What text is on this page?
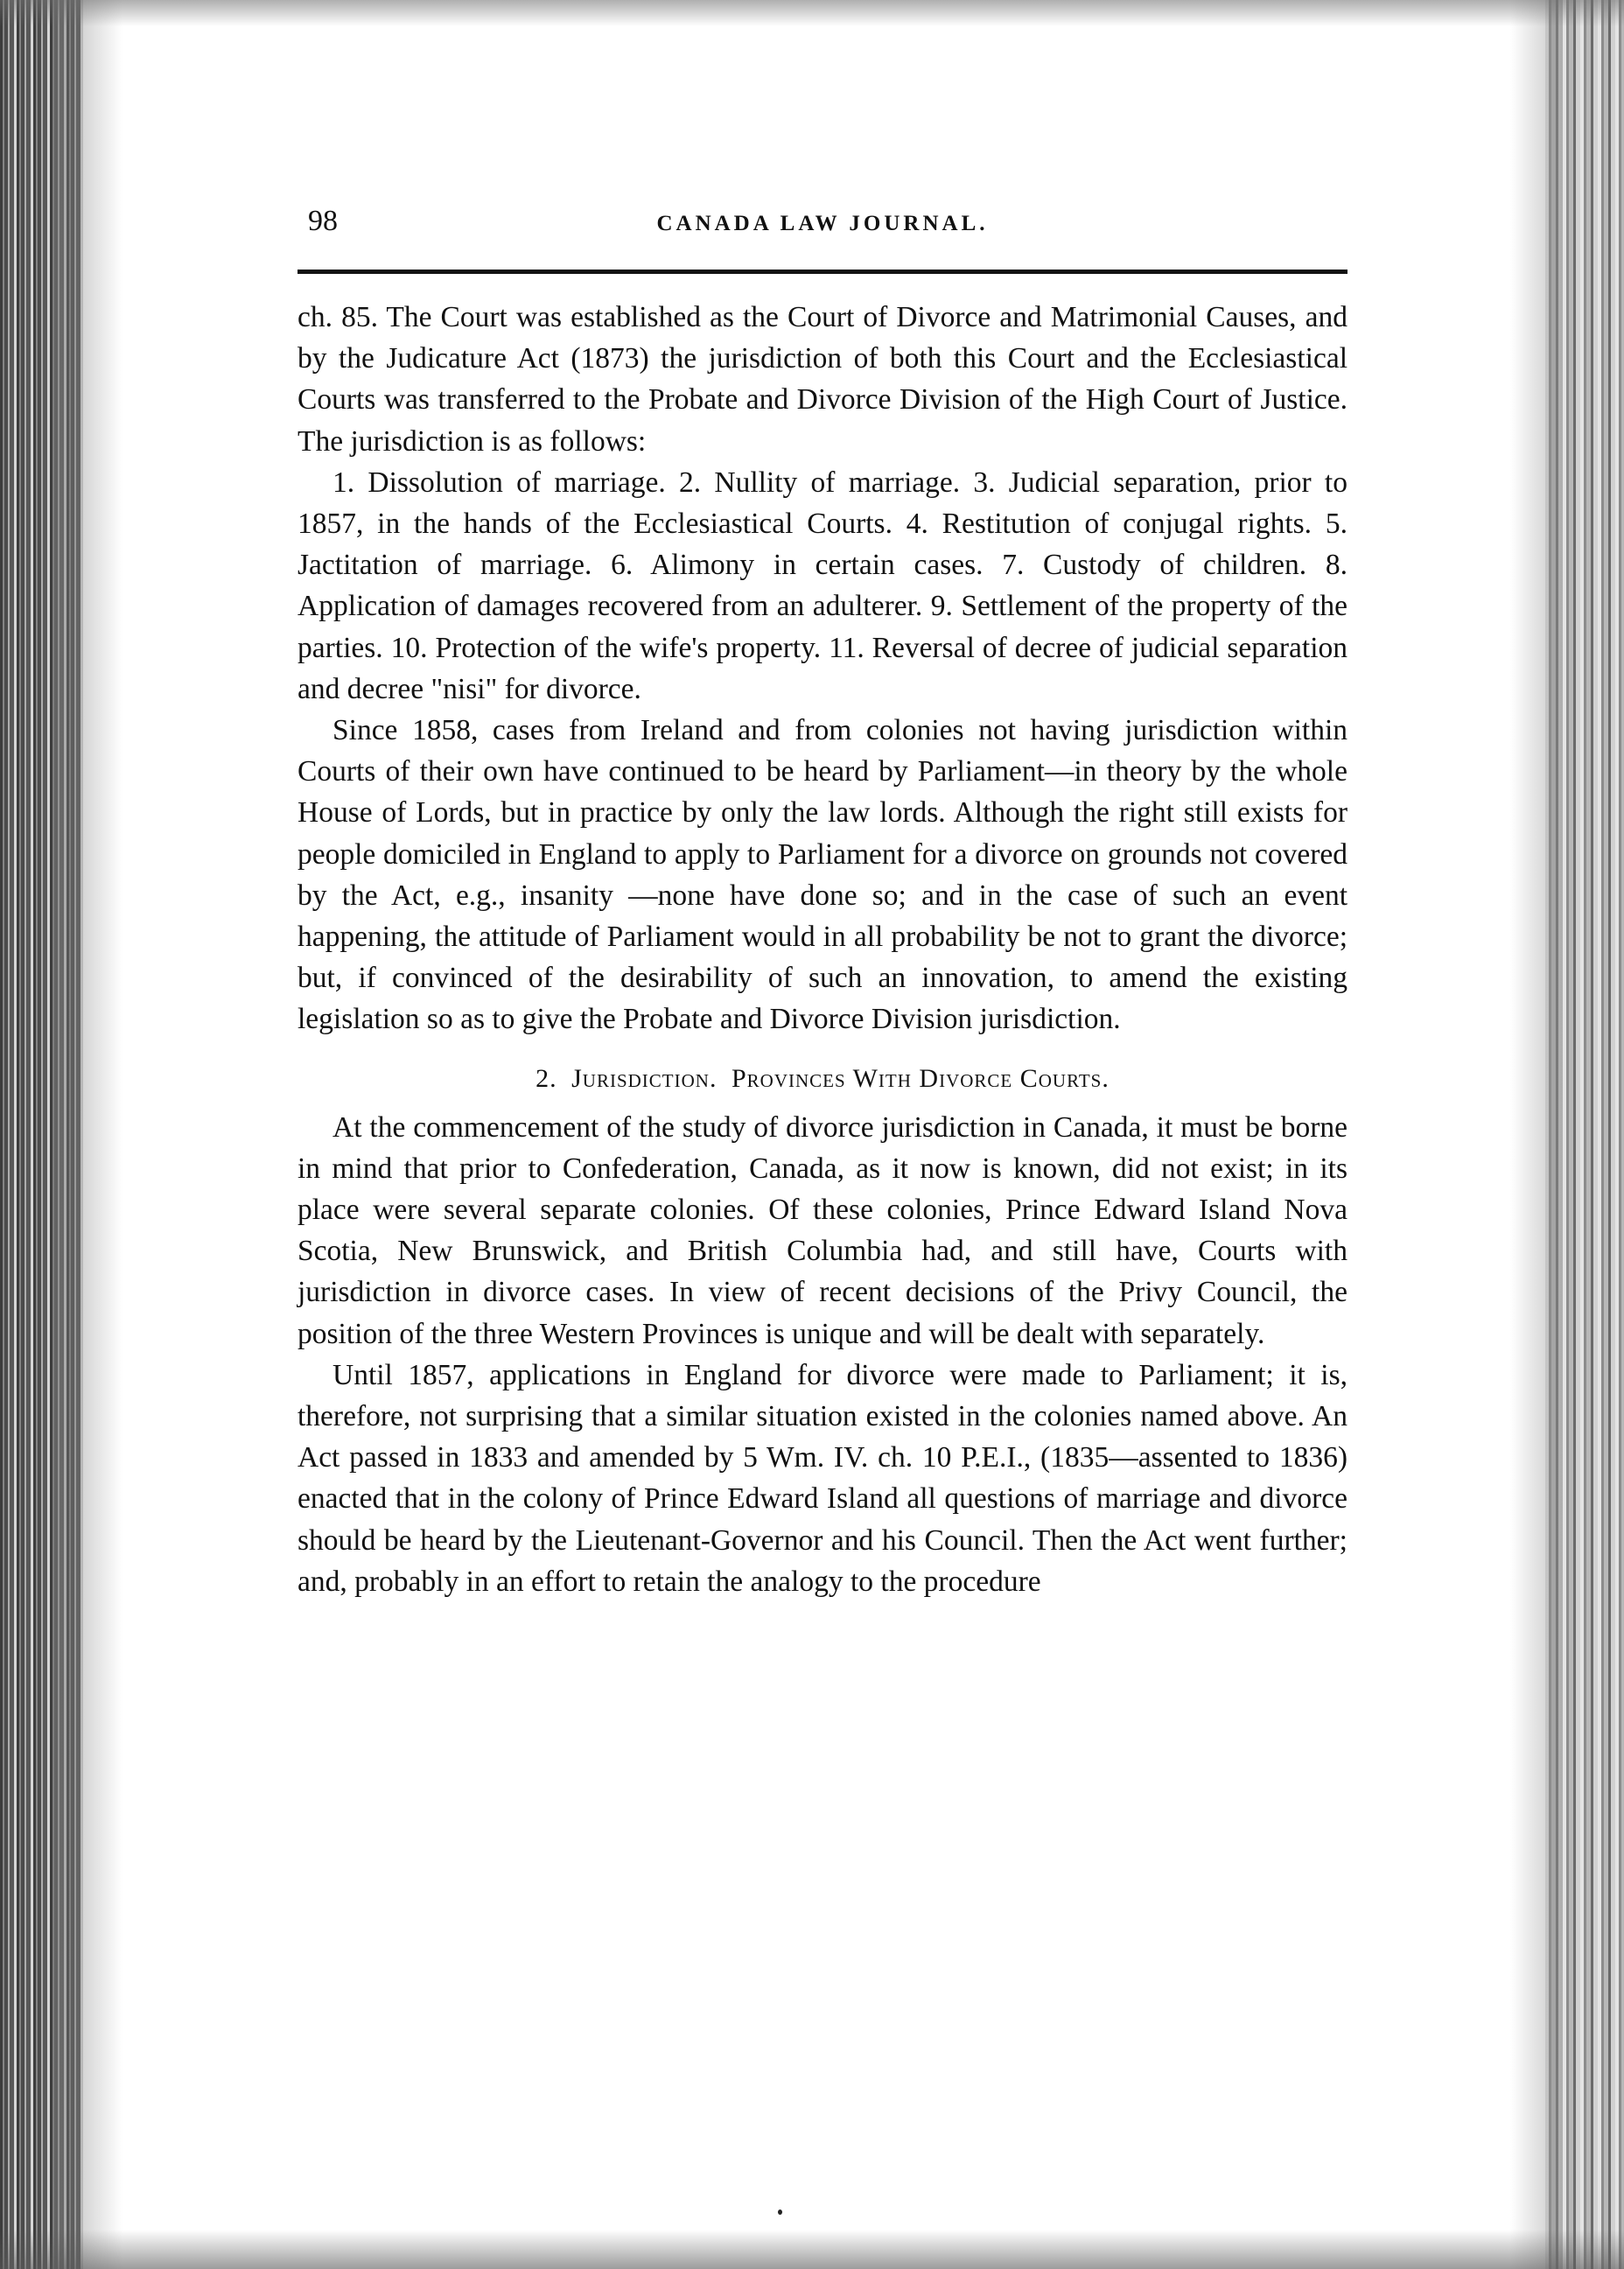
98	CANADA LAW JOURNAL.

ch. 85. The Court was established as the Court of Divorce and Matrimonial Causes, and by the Judicature Act (1873) the jurisdiction of both this Court and the Ecclesiastical Courts was transferred to the Probate and Divorce Division of the High Court of Justice. The jurisdiction is as follows:

1. Dissolution of marriage. 2. Nullity of marriage. 3. Judicial separation, prior to 1857, in the hands of the Ecclesiastical Courts. 4. Restitution of conjugal rights. 5. Jactitation of marriage. 6. Alimony in certain cases. 7. Custody of children. 8. Application of damages recovered from an adulterer. 9. Settlement of the property of the parties. 10. Protection of the wife's property. 11. Reversal of decree of judicial separation and decree "nisi" for divorce.

Since 1858, cases from Ireland and from colonies not having jurisdiction within Courts of their own have continued to be heard by Parliament—in theory by the whole House of Lords, but in practice by only the law lords. Although the right still exists for people domiciled in England to apply to Parliament for a divorce on grounds not covered by the Act, e.g., insanity —none have done so; and in the case of such an event happening, the attitude of Parliament would in all probability be not to grant the divorce; but, if convinced of the desirability of such an innovation, to amend the existing legislation so as to give the Probate and Divorce Division jurisdiction.

2. Jurisdiction. Provinces With Divorce Courts.

At the commencement of the study of divorce jurisdiction in Canada, it must be borne in mind that prior to Confederation, Canada, as it now is known, did not exist; in its place were several separate colonies. Of these colonies, Prince Edward Island Nova Scotia, New Brunswick, and British Columbia had, and still have, Courts with jurisdiction in divorce cases. In view of recent decisions of the Privy Council, the position of the three Western Provinces is unique and will be dealt with separately.

Until 1857, applications in England for divorce were made to Parliament; it is, therefore, not surprising that a similar situation existed in the colonies named above. An Act passed in 1833 and amended by 5 Wm. IV. ch. 10 P.E.I., (1835—assented to 1836) enacted that in the colony of Prince Edward Island all questions of marriage and divorce should be heard by the Lieutenant-Governor and his Council. Then the Act went further; and, probably in an effort to retain the analogy to the procedure
